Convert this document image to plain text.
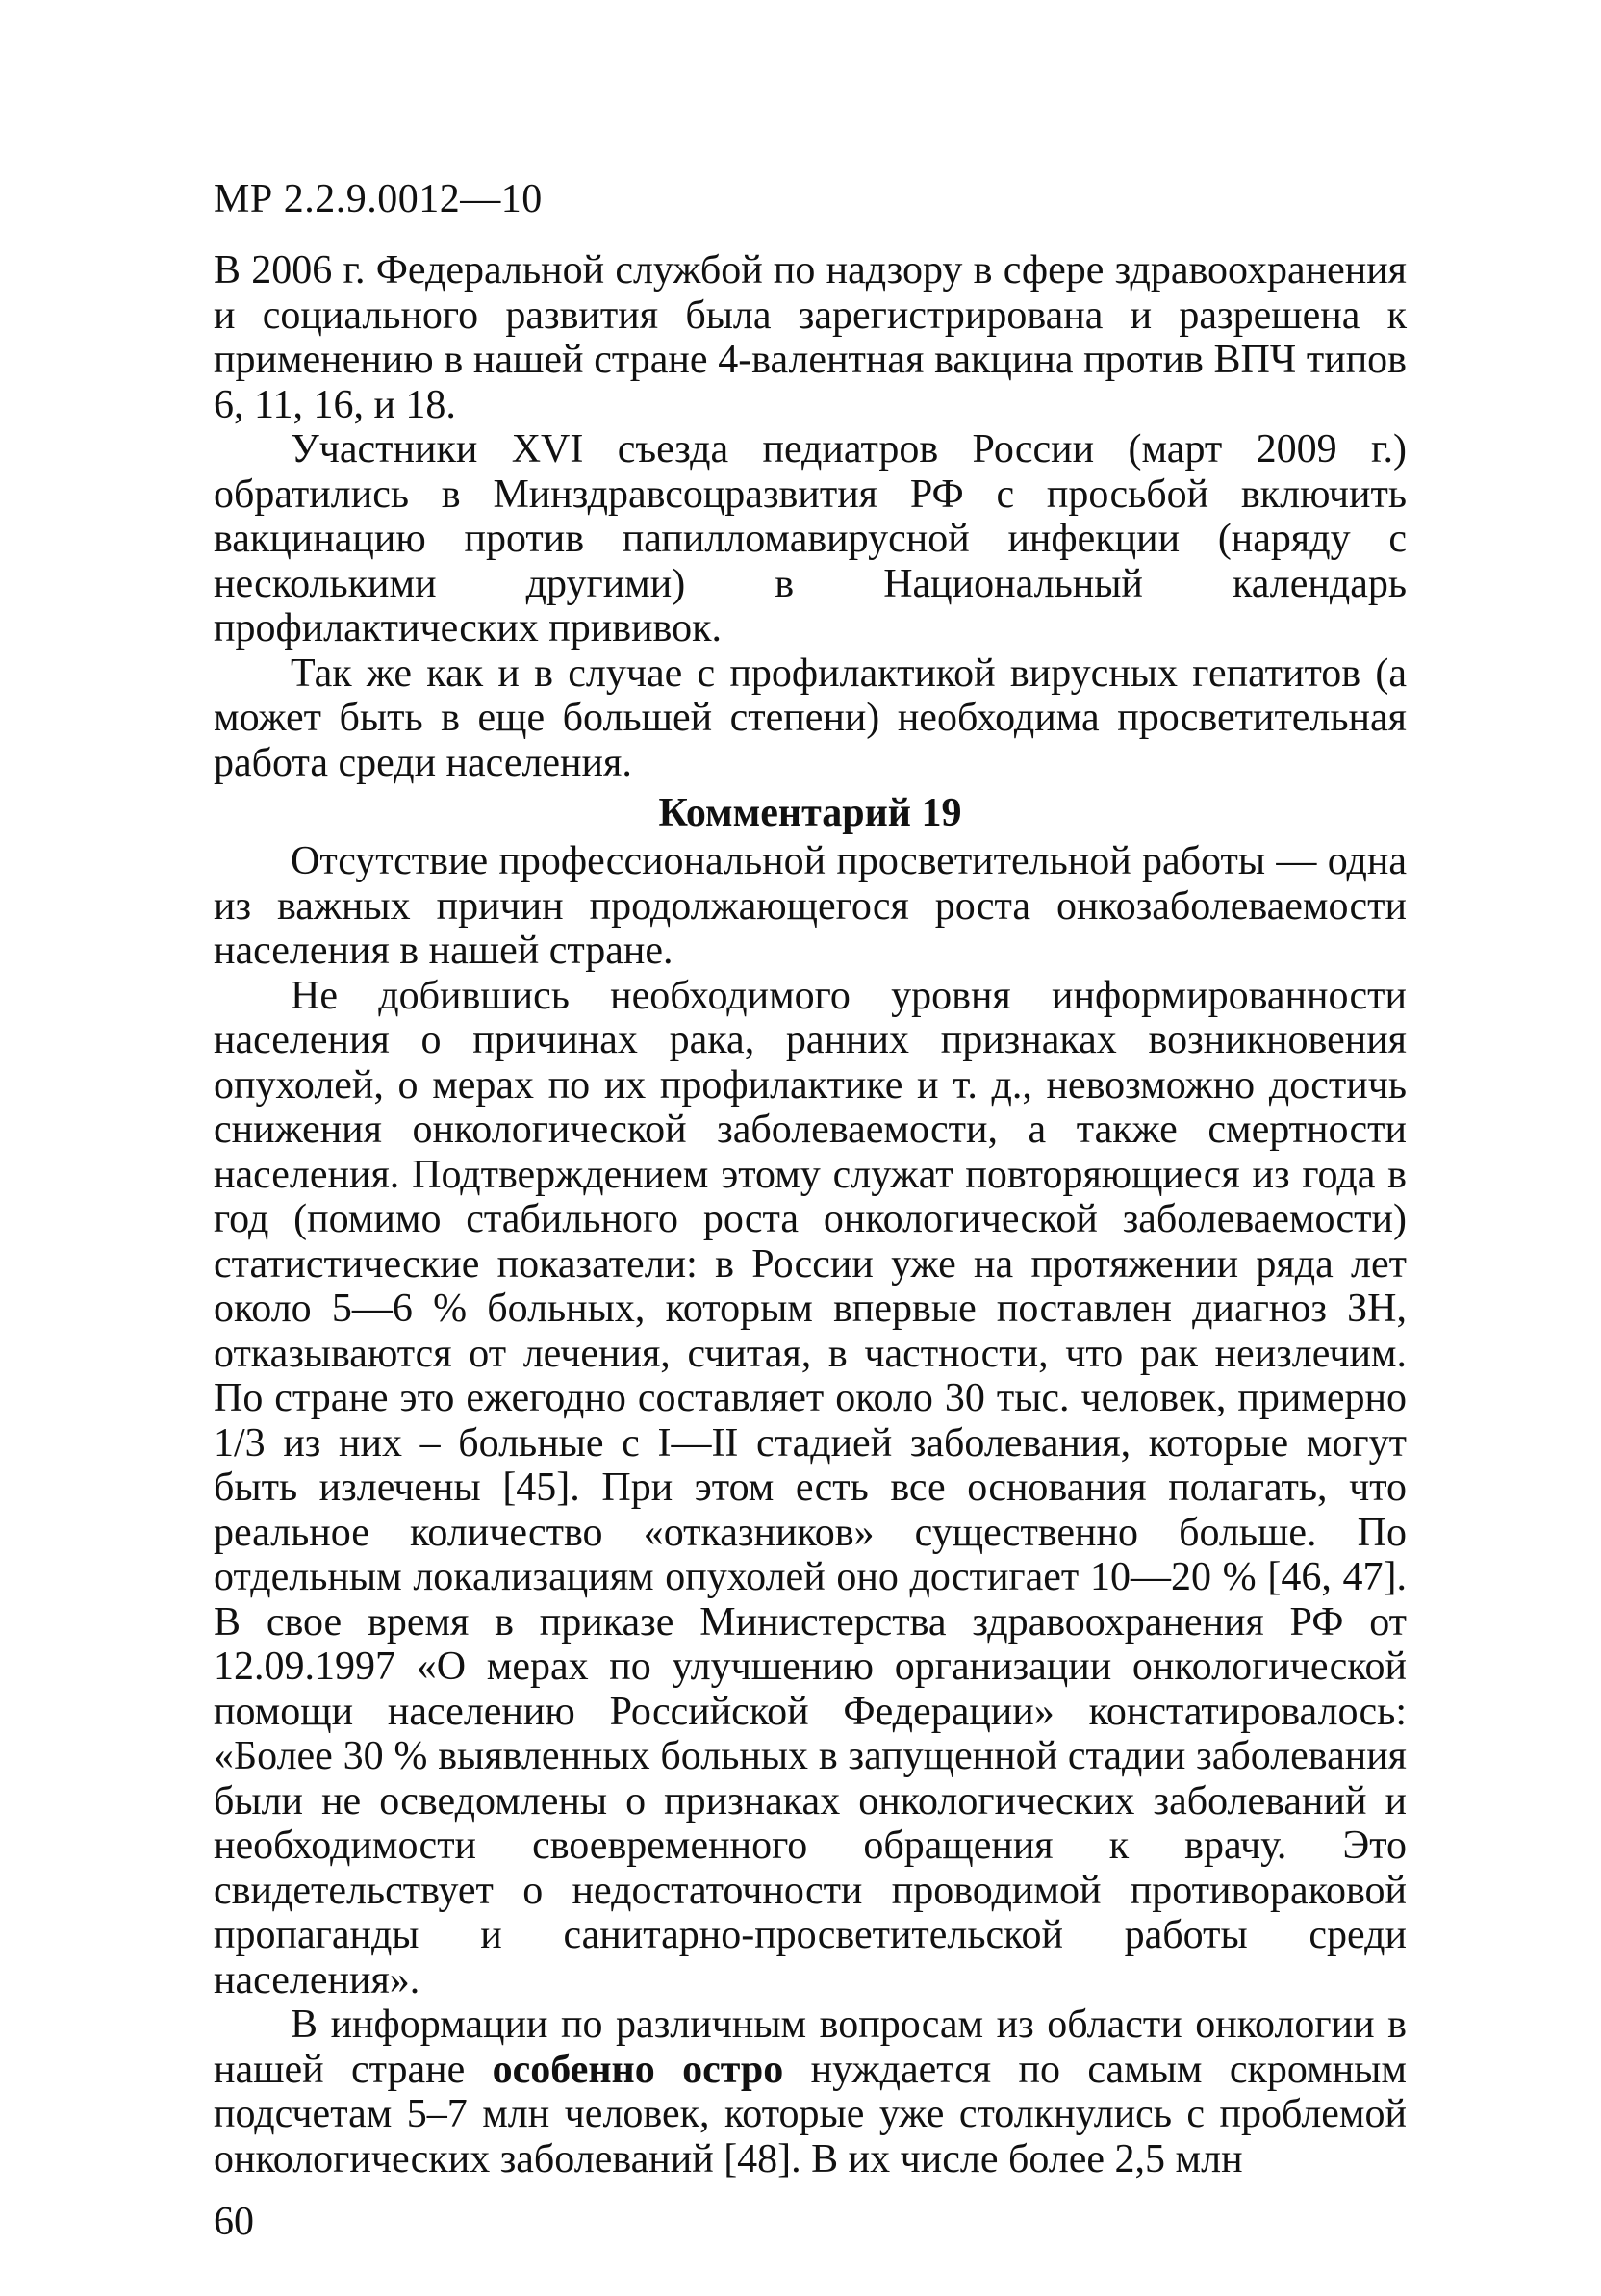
МР 2.2.9.0012—10

В 2006 г. Федеральной службой по надзору в сфере здравоохранения и социального развития была зарегистрирована и разрешена к применению в нашей стране 4-валентная вакцина против ВПЧ типов 6, 11, 16, и 18.

Участники XVI съезда педиатров России (март 2009 г.) обратились в Минздравсоцразвития РФ с просьбой включить вакцинацию против папилломавирусной инфекции (наряду с несколькими другими) в Национальный календарь профилактических прививок.

Так же как и в случае с профилактикой вирусных гепатитов (а может быть в еще большей степени) необходима просветительная работа среди населения.

Комментарий 19

Отсутствие профессиональной просветительной работы — одна из важных причин продолжающегося роста онкозаболеваемости населения в нашей стране.

Не добившись необходимого уровня информированности населения о причинах рака, ранних признаках возникновения опухолей, о мерах по их профилактике и т. д., невозможно достичь снижения онкологической заболеваемости, а также смертности населения. Подтверждением этому служат повторяющиеся из года в год (помимо стабильного роста онкологической заболеваемости) статистические показатели: в России уже на протяжении ряда лет около 5—6 % больных, которым впервые поставлен диагноз ЗН, отказываются от лечения, считая, в частности, что рак неизлечим. По стране это ежегодно составляет около 30 тыс. человек, примерно 1/3 из них – больные с I—II стадией заболевания, которые могут быть излечены [45]. При этом есть все основания полагать, что реальное количество «отказников» существенно больше. По отдельным локализациям опухолей оно достигает 10—20 % [46, 47]. В свое время в приказе Министерства здравоохранения РФ от 12.09.1997 «О мерах по улучшению организации онкологической помощи населению Российской Федерации» констатировалось: «Более 30 % выявленных больных в запущенной стадии заболевания были не осведомлены о признаках онкологических заболеваний и необходимости своевременного обращения к врачу. Это свидетельствует о недостаточности проводимой противораковой пропаганды и санитарно-просветительской работы среди населения».

В информации по различным вопросам из области онкологии в нашей стране особенно остро нуждается по самым скромным подсчетам 5–7 млн человек, которые уже столкнулись с проблемой онкологических заболеваний [48]. В их числе более 2,5 млн

60
